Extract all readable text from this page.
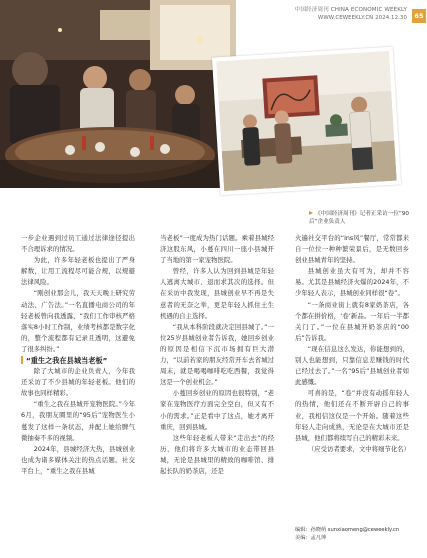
中国经济周刊 CHINA ECONOMIC WEEKLY
WWW.CEWEEKLY.CN 2024.12.30	65
《中国经济周刊》记者正采访一位“90 后”企业负责人

一步企业遇到过员工通过法律途径提出不合理诉求的情况。

为此，许多年轻老板也提出了严身解数，让用工流程尽可能合规，以规避法律风险。

“刚创业那会儿，我天天晚上研究劳动法、广告法。”一名直播电商公司的年轻老板曾向我透露，“我们工作审核严格落实8小时工作制，业绩考核都是数字化的，整个流程都有记录且透明，这避免了很多纠纷。”

“重生之我在县城当老板”

除了大城市的企业负责人，今年我还采访了不少县城的年轻老板。他们的故事也同样精彩。

“重生之我在县城开宠物医院。”今年6月，我朋友圈里的“95后”宠物医生小蔓发了这样一条状态，并配上她给脾气微抽奏不多的视频。

2024年，县城经济大热，县城创业也成为诸多媒体关注的热点话题。社交平台上，“重生之我在县城

当老板”一度成为热门话题。乘着县城经济这股东风，小蔓在四川一座小县城开了当地的第一家宠物医院。

曾经，许多人认为回到县城是年轻人逃离大城市、退而求其次的选择。但在采访中我发现，县城创业早不再是失意者的无奈之举，更是年轻人抓住土生机遇的自主选择。

“我从本科阶段就决定回县城了。”一位25岁县城创业者告诉我，她回乡创业的原因是相信下沉市场拥有巨大潜力，“以前若家的朋友经常开车去省城过周末，就是喝喝咖啡吃吃西餐，我觉得这是一个创业机会。”

小蔓回乡创业的原因也很特别，“老家在宠物医疗方面完全空白，但又有不小的需求。”正是看中了这点，她才离开重庆，回到县城。

这些年轻老板人带来“走出去”的经历，他们将许多大城市的业态带回县城，无论是县城里的精致的咖啡馆、排起长队的奶茶店，还是

火遍社交平台的“ins风”餐厅，常常都来自一位位一种种繁荣景后，是无数回乡创业县城青年的坚持。

县城创业虽大有可为，却并不容易。尤其是县城经济火爆的2024年，不少年轻人表示，县城创业同样很“卷”。

“一条商业街上就有8家奶茶店，各个都在拼价格，‘卷’新品。一年后一半都关门了。”一位在县城开奶茶店的“00后”告诉我。

“现在信息这么发达，你能想到的，别人也能想到，只靠信息差赚钱的时代已经过去了。”一名“95后”县城创业者如此感慨。

可喜的是，“卷”并没有动摇年轻人的热情，他们还在不断开辟自己的事业，我相信这仅是一个开始。随着这些年轻人走向成熟，无论是在大城市还是县城，他们都将续写自己的精彩未来。

（应受访者要求，文中将细节化名）

编辑：孙晓萌 sunxiaomeng@ceweekly.cn
美编：孟凡坤
